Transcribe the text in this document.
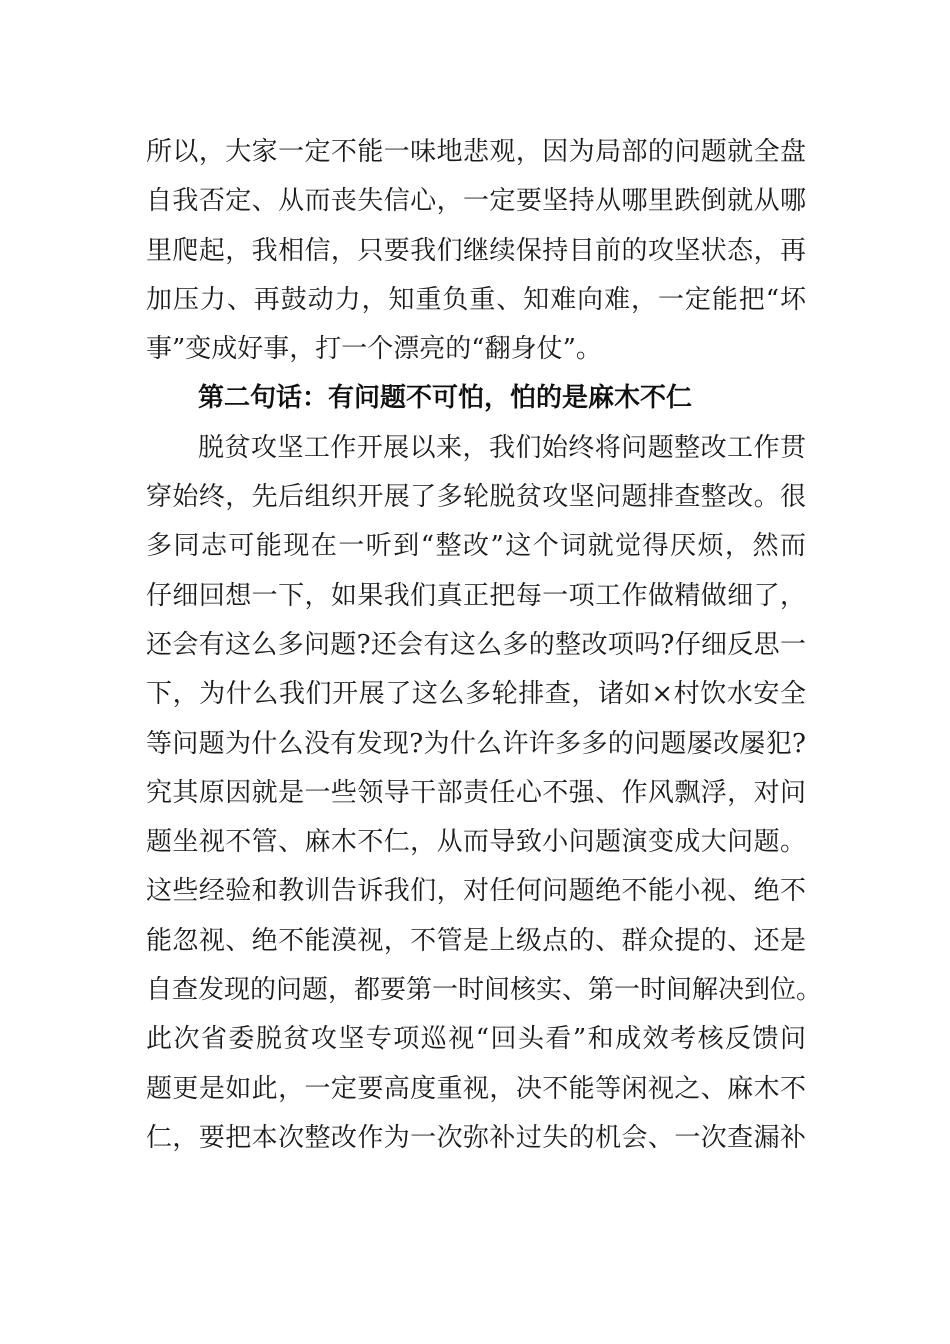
所以，大家一定不能一味地悲观，因为局部的问题就全盘
自我否定、从而丧失信心，一定要坚持从哪里跌倒就从哪
里爬起，我相信，只要我们继续保持目前的攻坚状态，再
加压力、再鼓动力，知重负重、知难向难，一定能把“坏
事”变成好事，打一个漂亮的“翻身仗”。
第二句话：有问题不可怕，怕的是麻木不仁
脱贫攻坚工作开展以来，我们始终将问题整改工作贯
穿始终，先后组织开展了多轮脱贫攻坚问题排查整改。很
多同志可能现在一听到“整改”这个词就觉得厌烦，然而
仔细回想一下，如果我们真正把每一项工作做精做细了，
还会有这么多问题?还会有这么多的整改项吗?仔细反思一
下，为什么我们开展了这么多轮排查，诸如×村饮水安全
等问题为什么没有发现?为什么许许多多的问题屡改屡犯?
究其原因就是一些领导干部责任心不强、作风飘浮，对问
题坐视不管、麻木不仁，从而导致小问题演变成大问题。
这些经验和教训告诉我们，对任何问题绝不能小视、绝不
能忽视、绝不能漠视，不管是上级点的、群众提的、还是
自查发现的问题，都要第一时间核实、第一时间解决到位。
此次省委脱贫攻坚专项巡视“回头看”和成效考核反馈问
题更是如此，一定要高度重视，决不能等闲视之、麻木不
仁，要把本次整改作为一次弥补过失的机会、一次查漏补
